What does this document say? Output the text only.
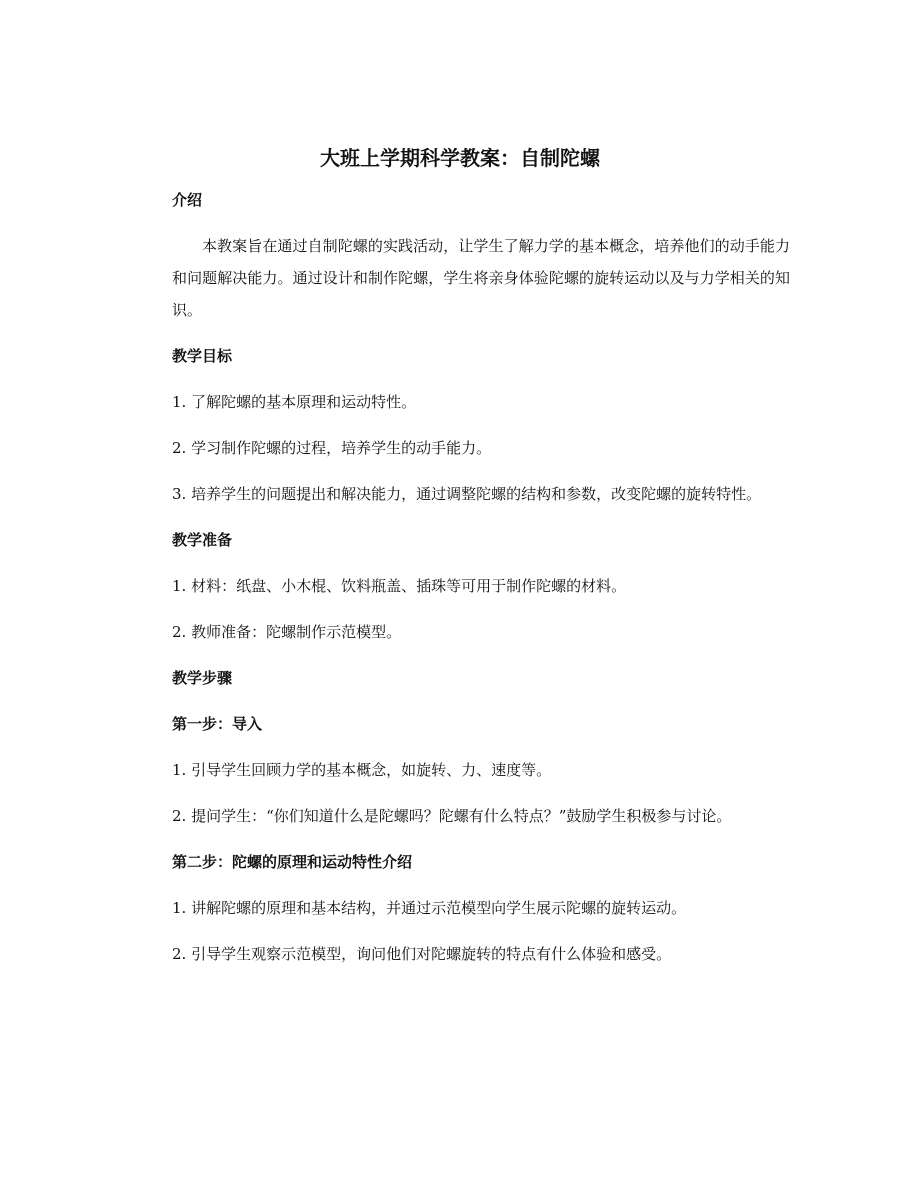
大班上学期科学教案：自制陀螺

介绍

本教案旨在通过自制陀螺的实践活动，让学生了解力学的基本概念，培养他们的动手能力和问题解决能力。通过设计和制作陀螺，学生将亲身体验陀螺的旋转运动以及与力学相关的知识。

教学目标

1. 了解陀螺的基本原理和运动特性。

2. 学习制作陀螺的过程，培养学生的动手能力。

3. 培养学生的问题提出和解决能力，通过调整陀螺的结构和参数，改变陀螺的旋转特性。

教学准备

1. 材料：纸盘、小木棍、饮料瓶盖、插珠等可用于制作陀螺的材料。

2. 教师准备：陀螺制作示范模型。

教学步骤

第一步：导入

1. 引导学生回顾力学的基本概念，如旋转、力、速度等。

2. 提问学生：“你们知道什么是陀螺吗？陀螺有什么特点？”鼓励学生积极参与讨论。

第二步：陀螺的原理和运动特性介绍

1. 讲解陀螺的原理和基本结构，并通过示范模型向学生展示陀螺的旋转运动。

2. 引导学生观察示范模型，询问他们对陀螺旋转的特点有什么体验和感受。
